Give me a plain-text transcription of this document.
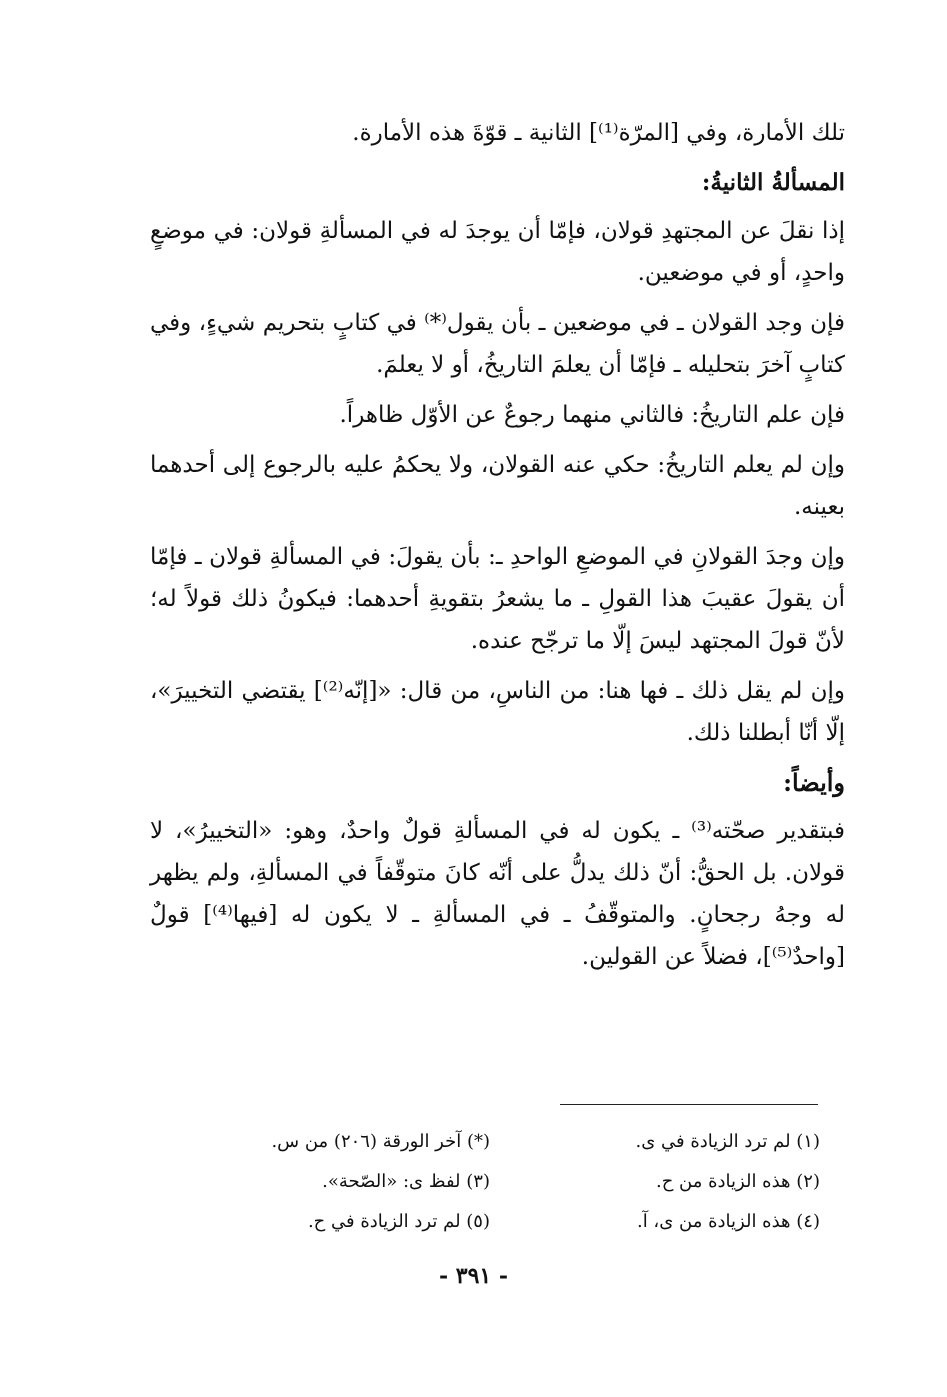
تلك الأمارة، وفي [المرّة⁽¹⁾] الثانية ـ قوّةَ هذه الأمارة.

المسألةُ الثانيةُ:

إذا نقلَ عن المجتهدِ قولان، فإمّا أن يوجدَ له في المسألةِ قولان: في موضعٍ واحدٍ، أو في موضعين.

فإن وجد القولان ـ في موضعين ـ بأن يقول⁽*⁾ في كتابٍ بتحريم شيءٍ، وفي كتابٍ آخرَ بتحليله ـ فإمّا أن يعلمَ التاريخُ، أو لا يعلمَ.

فإن علم التاريخُ: فالثاني منهما رجوعٌ عن الأوّل ظاهراً.

وإن لم يعلم التاريخُ: حكي عنه القولان، ولا يحكمُ عليه بالرجوع إلى أحدهما بعينه.

وإن وجدَ القولانِ في الموضعِ الواحدِ ـ: بأن يقولَ: في المسألةِ قولان ـ فإمّا أن يقولَ عقيبَ هذا القولِ ـ ما يشعرُ بتقويةِ أحدهما: فيكونُ ذلك قولاً له؛ لأنّ قولَ المجتهد ليسَ إلّا ما ترجّح عنده.

وإن لم يقل ذلك ـ فها هنا: من الناسِ، من قال: «[إنّه⁽²⁾] يقتضي التخييرَ»، إلّا أنّا أبطلنا ذلك.

وأيضاً:

فبتقدير صحّته⁽³⁾ ـ يكون له في المسألةِ قولٌ واحدٌ، وهو: «التخييرُ»، لا قولان. بل الحقُّ: أنّ ذلك يدلُّ على أنّه كانَ متوقّفاً في المسألةِ، ولم يظهر له وجهُ رجحانٍ. والمتوقّفُ ـ في المسألةِ ـ لا يكون له [فيها⁽⁴⁾] قولٌ [واحدٌ⁽⁵⁾]، فضلاً عن القولين.

(١) لم ترد الزيادة في ى.
(*) آخر الورقة (٢٠٦) من س.
(٢) هذه الزيادة من ح.
(٣) لفظ ى: «الصّحة».
(٤) هذه الزيادة من ى، آ.
(٥) لم ترد الزيادة في ح.
- ٣٩١ -
